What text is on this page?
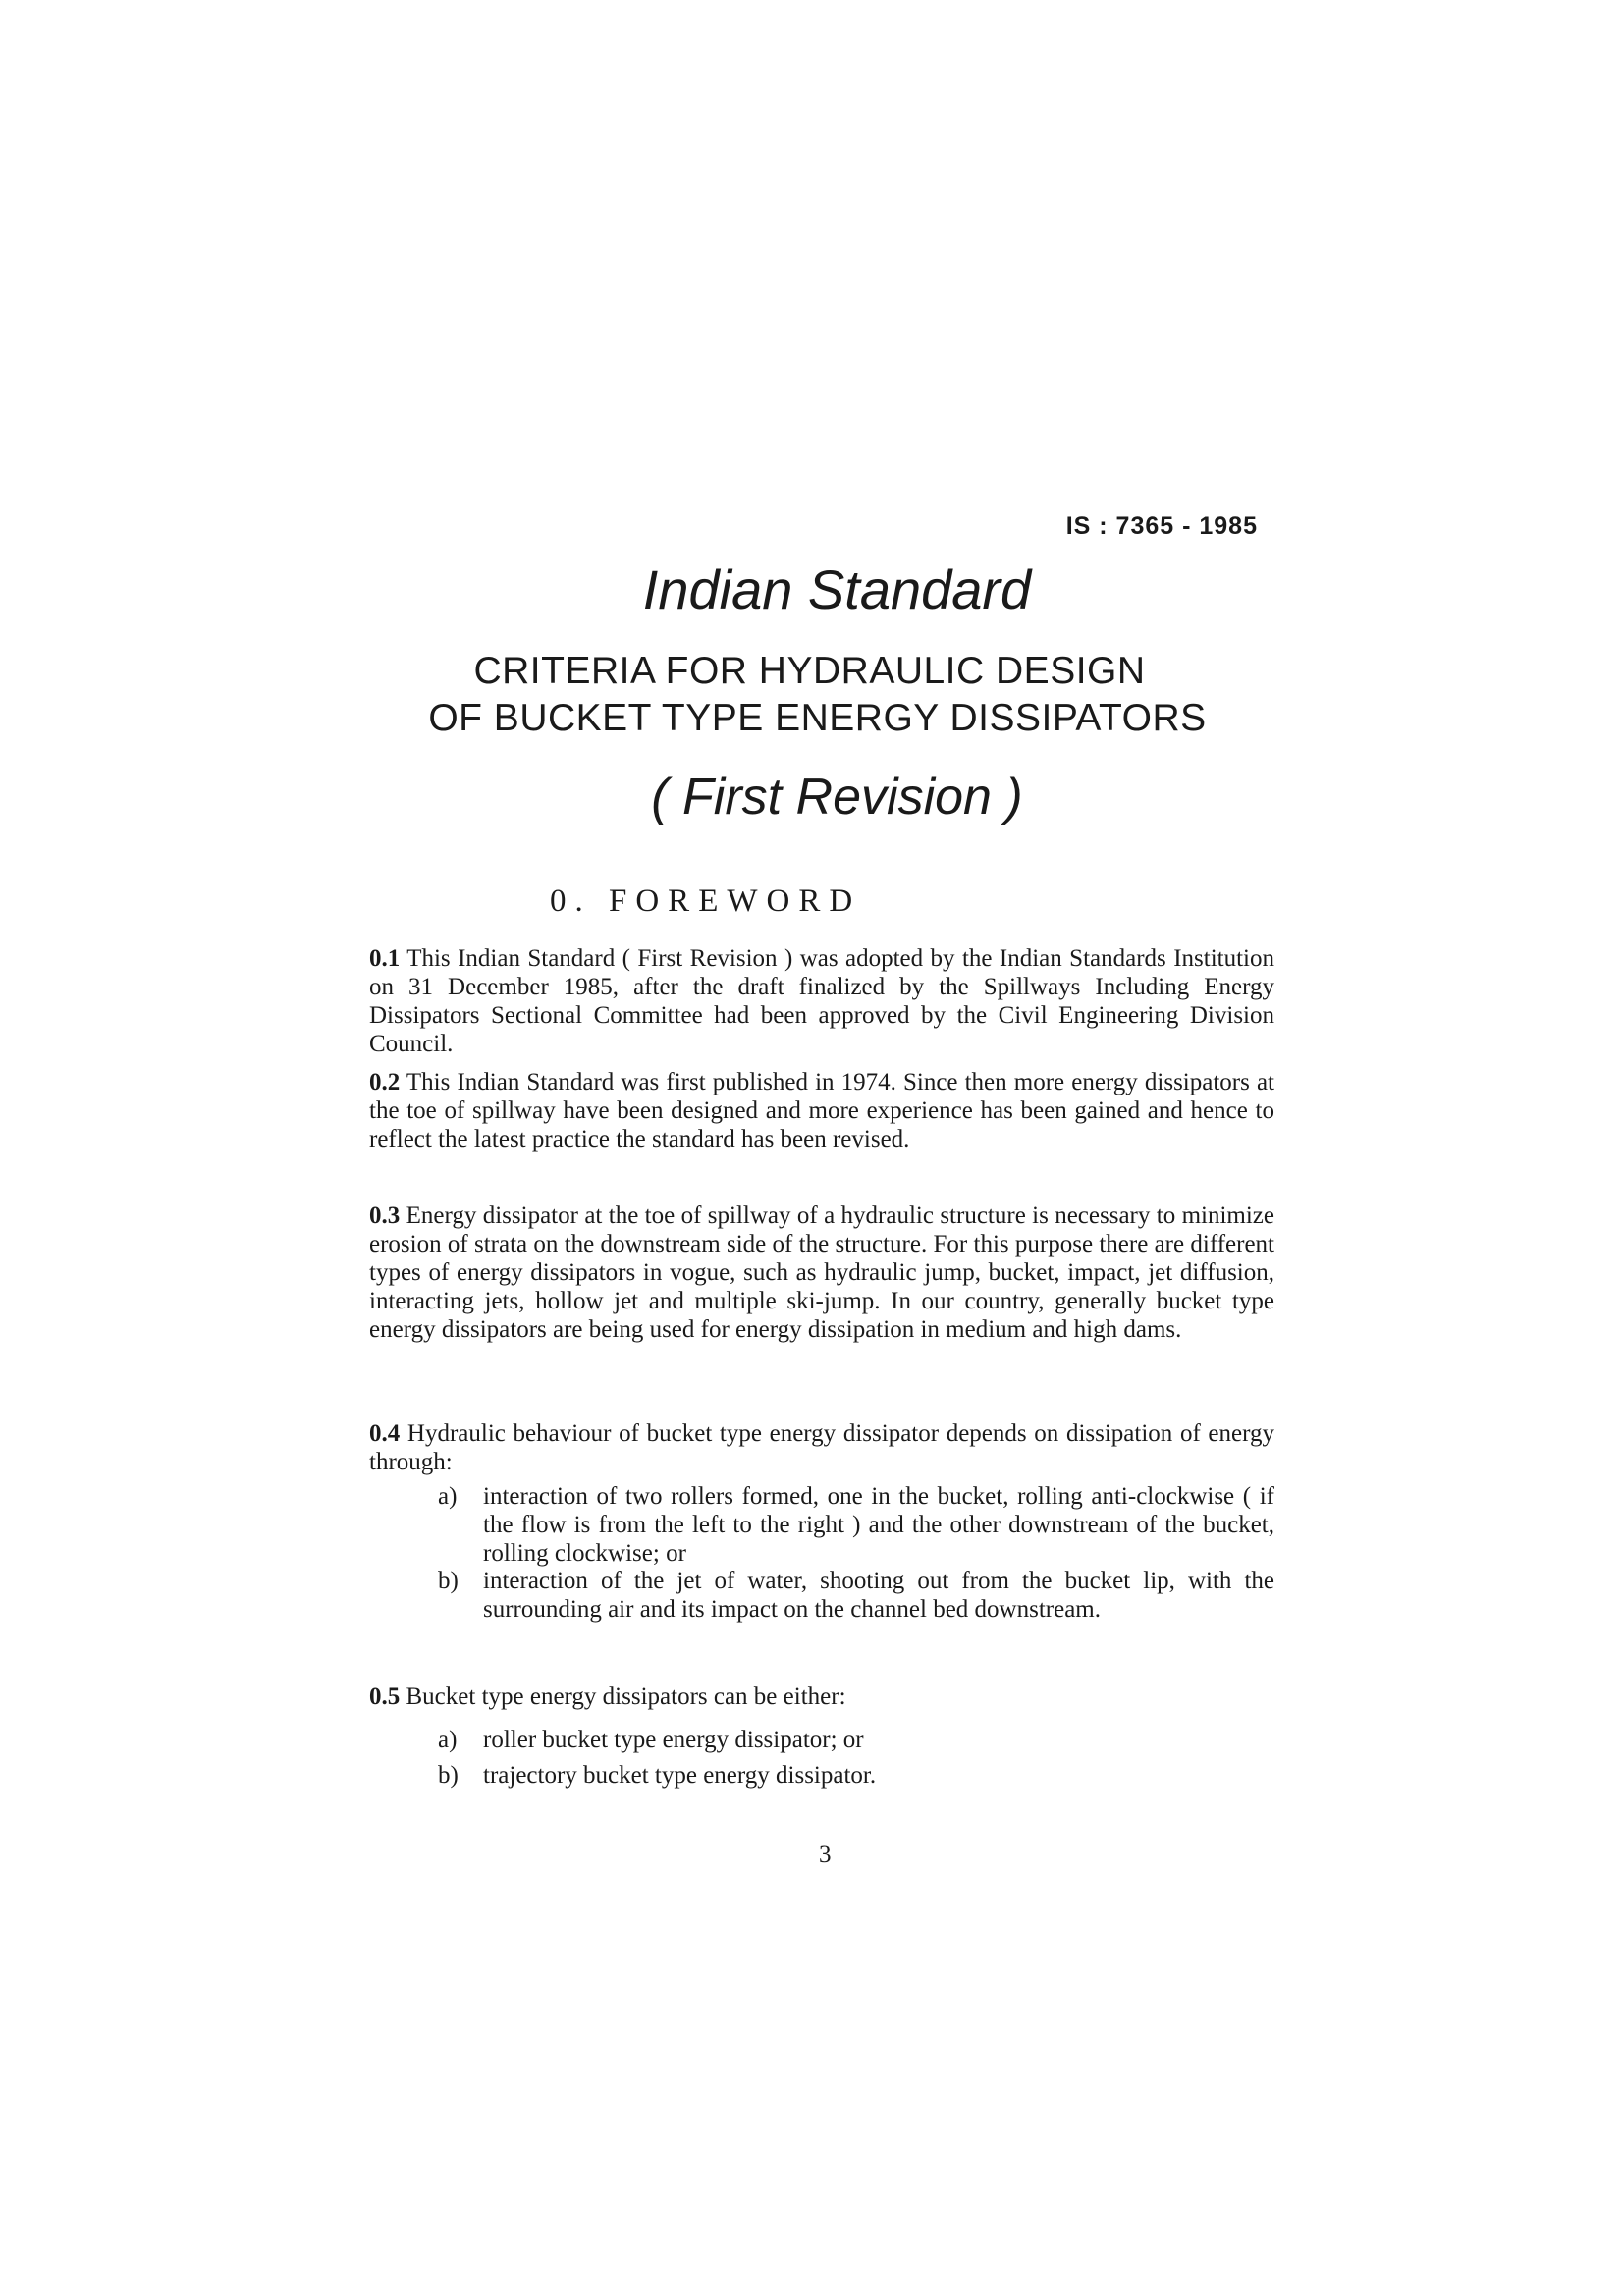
IS : 7365 - 1985
Indian Standard
CRITERIA FOR HYDRAULIC DESIGN
OF BUCKET TYPE ENERGY DISSIPATORS
( First Revision )
0. FOREWORD
0.1 This Indian Standard ( First Revision ) was adopted by the Indian Standards Institution on 31 December 1985, after the draft finalized by the Spillways Including Energy Dissipators Sectional Committee had been approved by the Civil Engineering Division Council.
0.2 This Indian Standard was first published in 1974. Since then more energy dissipators at the toe of spillway have been designed and more experience has been gained and hence to reflect the latest practice the standard has been revised.
0.3 Energy dissipator at the toe of spillway of a hydraulic structure is necessary to minimize erosion of strata on the downstream side of the structure. For this purpose there are different types of energy dissipators in vogue, such as hydraulic jump, bucket, impact, jet diffusion, interacting jets, hollow jet and multiple ski-jump. In our country, generally bucket type energy dissipators are being used for energy dissipation in medium and high dams.
0.4 Hydraulic behaviour of bucket type energy dissipator depends on dissipation of energy through:
a) interaction of two rollers formed, one in the bucket, rolling anti-clockwise ( if the flow is from the left to the right ) and the other downstream of the bucket, rolling clockwise; or
b) interaction of the jet of water, shooting out from the bucket lip, with the surrounding air and its impact on the channel bed downstream.
0.5 Bucket type energy dissipators can be either:
a) roller bucket type energy dissipator; or
b) trajectory bucket type energy dissipator.
3
